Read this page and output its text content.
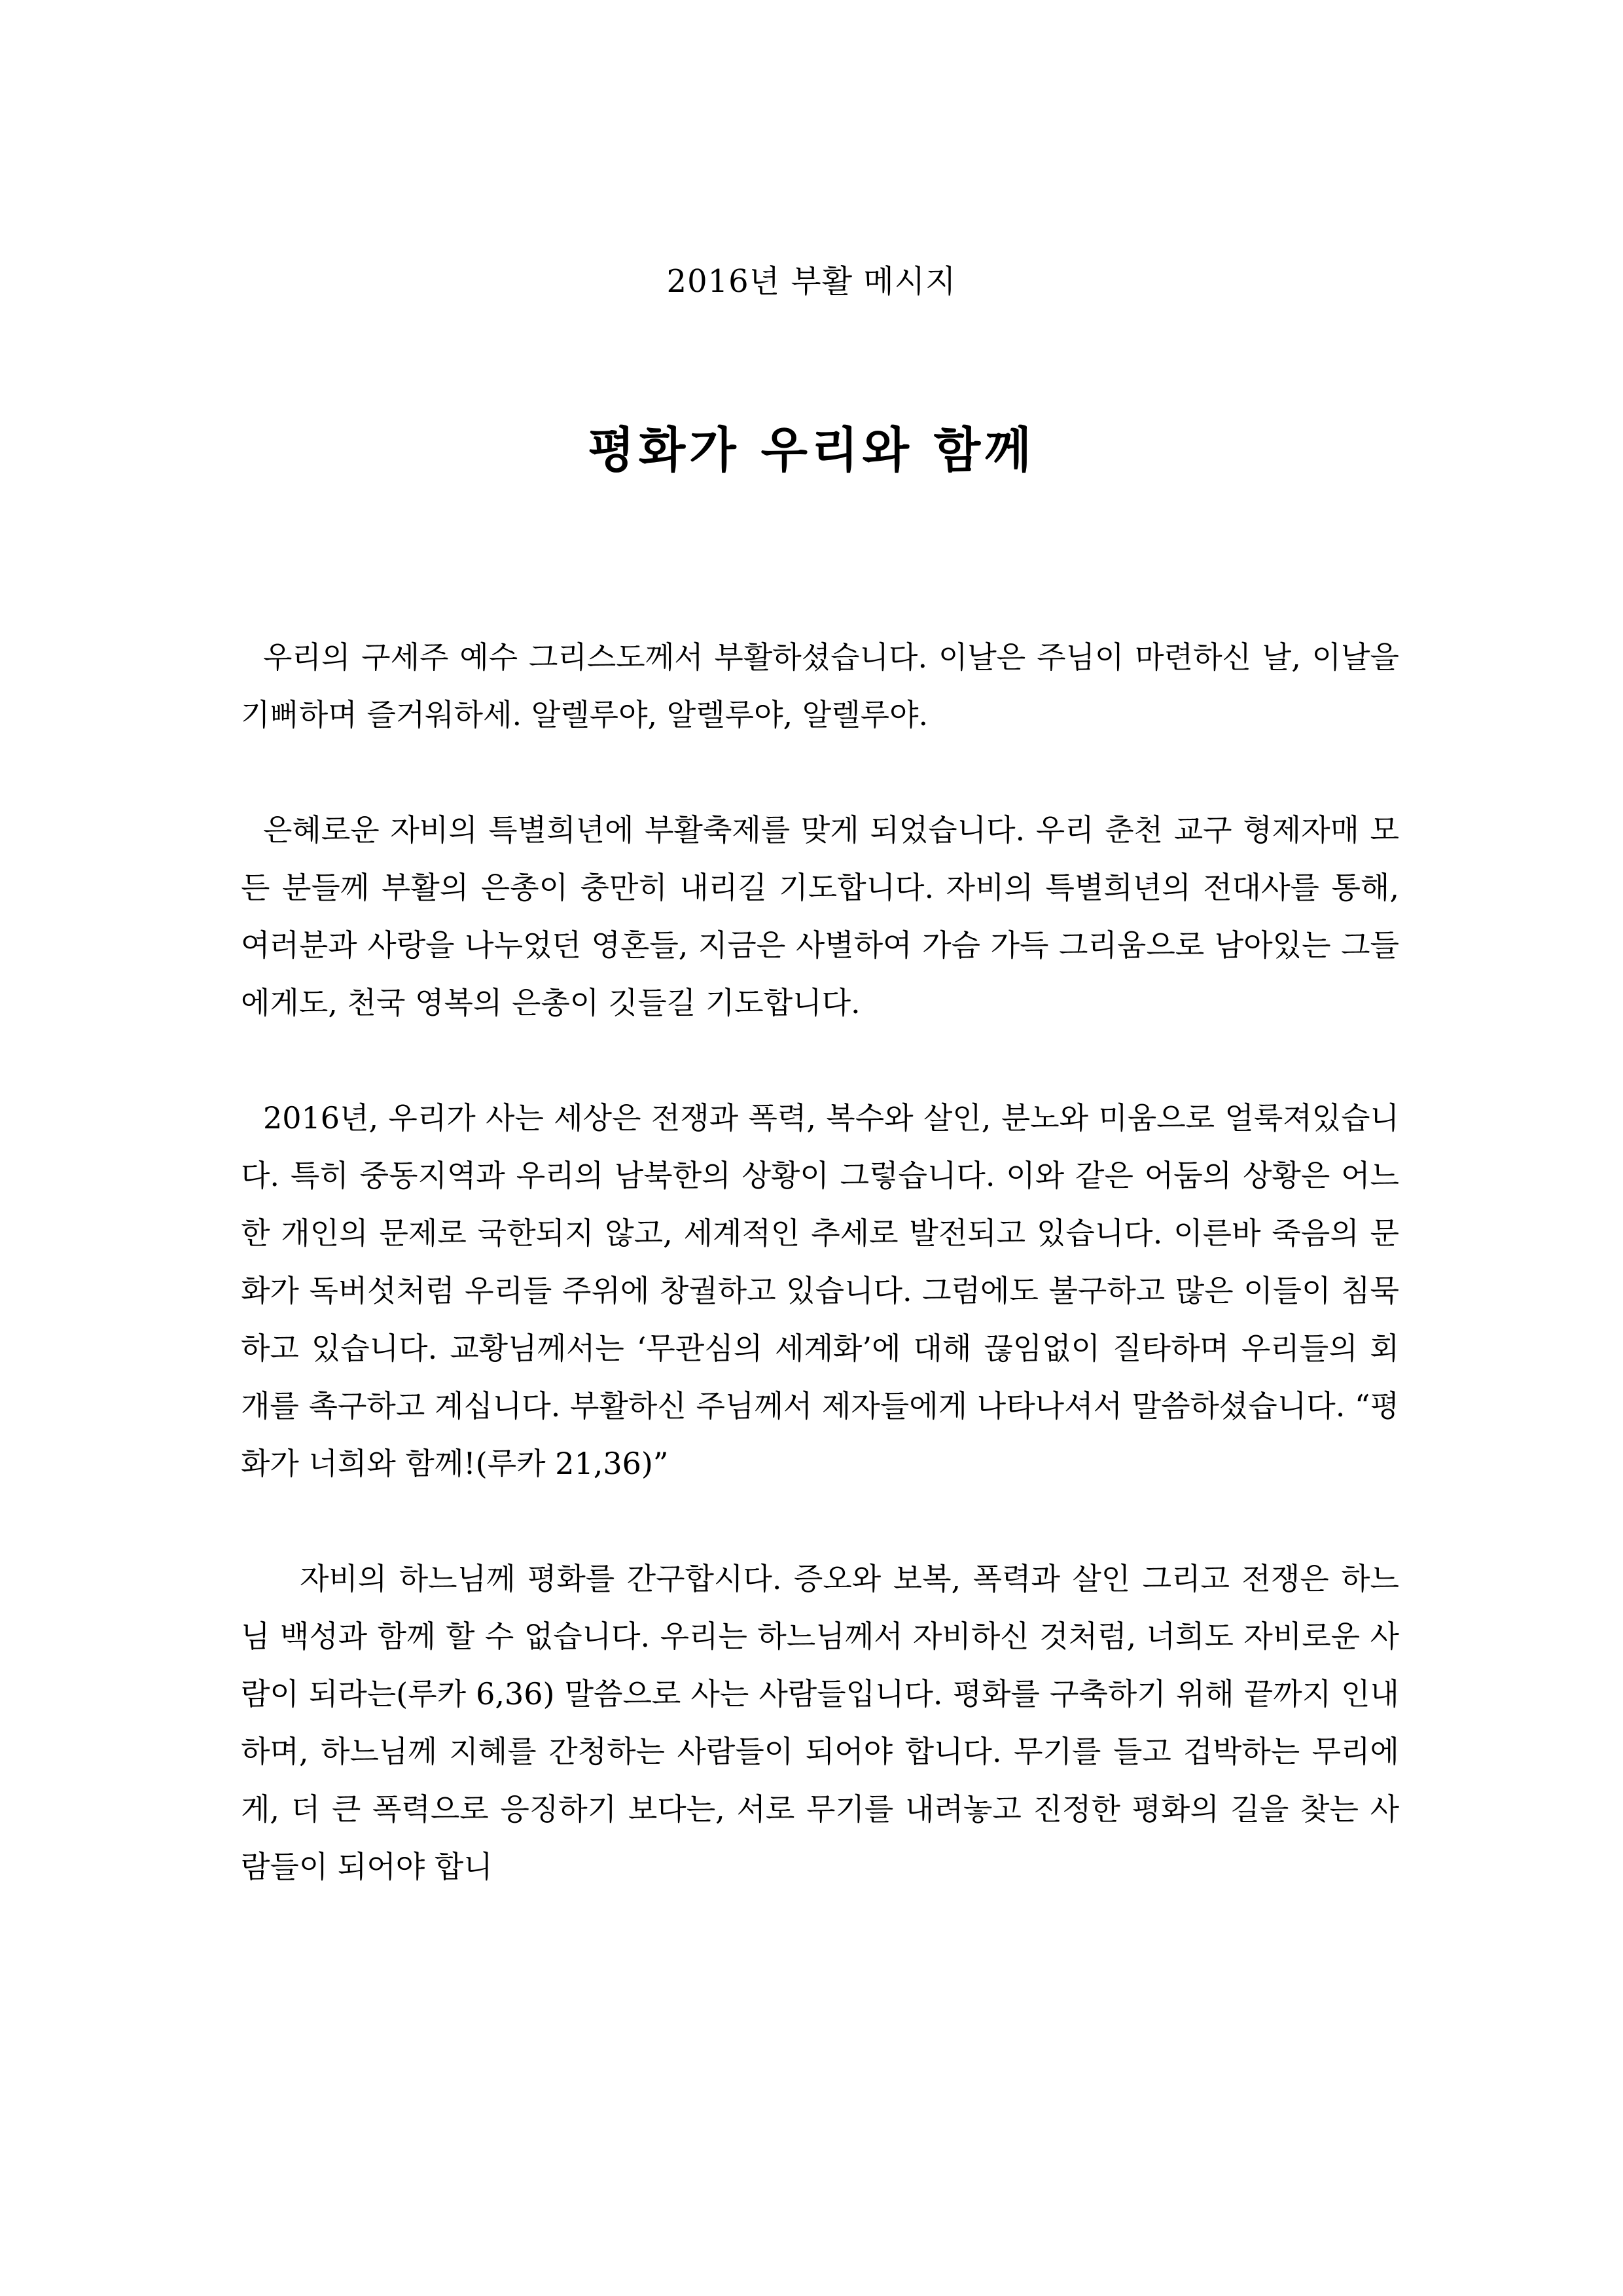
2016년 부활 메시지
평화가 우리와 함께

우리의 구세주 예수 그리스도께서 부활하셨습니다. 이날은 주님이 마련하신 날, 이날을 기뻐하며 즐거워하세. 알렐루야, 알렐루야, 알렐루야.

은혜로운 자비의 특별희년에 부활축제를 맞게 되었습니다. 우리 춘천 교구 형제자매 모든 분들께 부활의 은총이 충만히 내리길 기도합니다. 자비의 특별희년의 전대사를 통해, 여러분과 사랑을 나누었던 영혼들, 지금은 사별하여 가슴 가득 그리움으로 남아있는 그들에게도, 천국 영복의 은총이 깃들길 기도합니다.

2016년, 우리가 사는 세상은 전쟁과 폭력, 복수와 살인, 분노와 미움으로 얼룩져있습니다. 특히 중동지역과 우리의 남북한의 상황이 그렇습니다. 이와 같은 어둠의 상황은 어느 한 개인의 문제로 국한되지 않고, 세계적인 추세로 발전되고 있습니다. 이른바 죽음의 문화가 독버섯처럼 우리들 주위에 창궐하고 있습니다. 그럼에도 불구하고 많은 이들이 침묵하고 있습니다. 교황님께서는 ‘무관심의 세계화’에 대해 끊임없이 질타하며 우리들의 회개를 촉구하고 계십니다. 부활하신 주님께서 제자들에게 나타나셔서 말씀하셨습니다. “평화가 너희와 함께!(루카 21,36)”

자비의 하느님께 평화를 간구합시다. 증오와 보복, 폭력과 살인 그리고 전쟁은 하느님 백성과 함께 할 수 없습니다. 우리는 하느님께서 자비하신 것처럼, 너희도 자비로운 사람이 되라는(루카 6,36) 말씀으로 사는 사람들입니다. 평화를 구축하기 위해 끝까지 인내하며, 하느님께 지혜를 간청하는 사람들이 되어야 합니다. 무기를 들고 겁박하는 무리에게, 더 큰 폭력으로 응징하기 보다는, 서로 무기를 내려놓고 진정한 평화의 길을 찾는 사람들이 되어야 합니
